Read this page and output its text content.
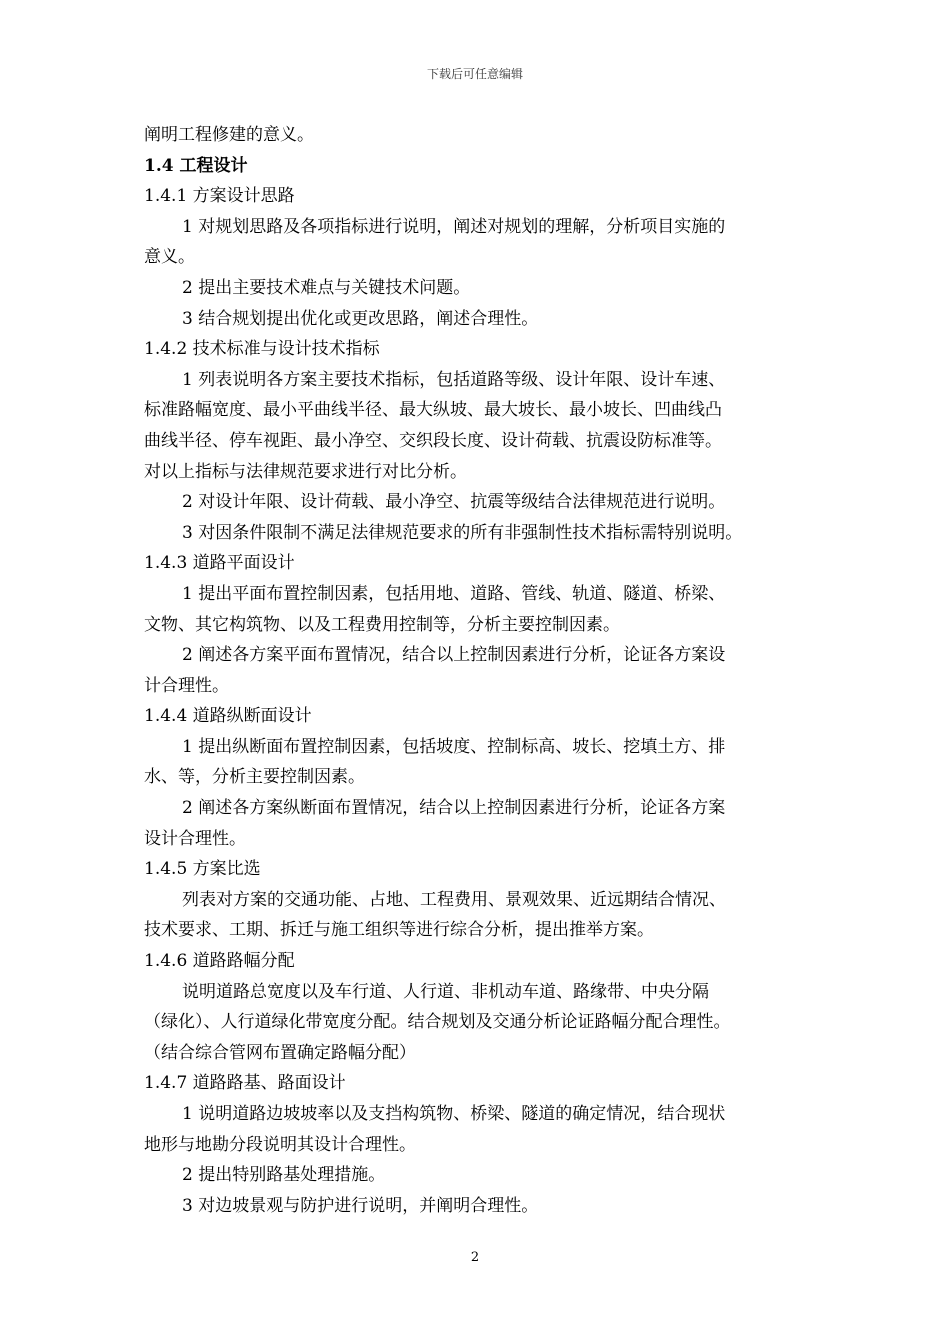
下载后可任意编辑
阐明工程修建的意义。
1.4 工程设计
1.4.1 方案设计思路
1 对规划思路及各项指标进行说明，阐述对规划的理解，分析项目实施的
意义。
2 提出主要技术难点与关键技术问题。
3 结合规划提出优化或更改思路，阐述合理性。
1.4.2 技术标准与设计技术指标
1 列表说明各方案主要技术指标，包括道路等级、设计年限、设计车速、
标准路幅宽度、最小平曲线半径、最大纵坡、最大坡长、最小坡长、凹曲线凸
曲线半径、停车视距、最小净空、交织段长度、设计荷载、抗震设防标准等。
对以上指标与法律规范要求进行对比分析。
2 对设计年限、设计荷载、最小净空、抗震等级结合法律规范进行说明。
3 对因条件限制不满足法律规范要求的所有非强制性技术指标需特别说明。
1.4.3 道路平面设计
1 提出平面布置控制因素，包括用地、道路、管线、轨道、隧道、桥梁、
文物、其它构筑物、以及工程费用控制等，分析主要控制因素。
2 阐述各方案平面布置情况，结合以上控制因素进行分析，论证各方案设
计合理性。
1.4.4 道路纵断面设计
1 提出纵断面布置控制因素，包括坡度、控制标高、坡长、挖填土方、排
水、等，分析主要控制因素。
2 阐述各方案纵断面布置情况，结合以上控制因素进行分析，论证各方案
设计合理性。
1.4.5 方案比选
列表对方案的交通功能、占地、工程费用、景观效果、近远期结合情况、
技术要求、工期、拆迁与施工组织等进行综合分析，提出推举方案。
1.4.6 道路路幅分配
说明道路总宽度以及车行道、人行道、非机动车道、路缘带、中央分隔
（绿化）、人行道绿化带宽度分配。结合规划及交通分析论证路幅分配合理性。
（结合综合管网布置确定路幅分配）
1.4.7 道路路基、路面设计
1 说明道路边坡坡率以及支挡构筑物、桥梁、隧道的确定情况，结合现状
地形与地勘分段说明其设计合理性。
2 提出特别路基处理措施。
3 对边坡景观与防护进行说明，并阐明合理性。
2
